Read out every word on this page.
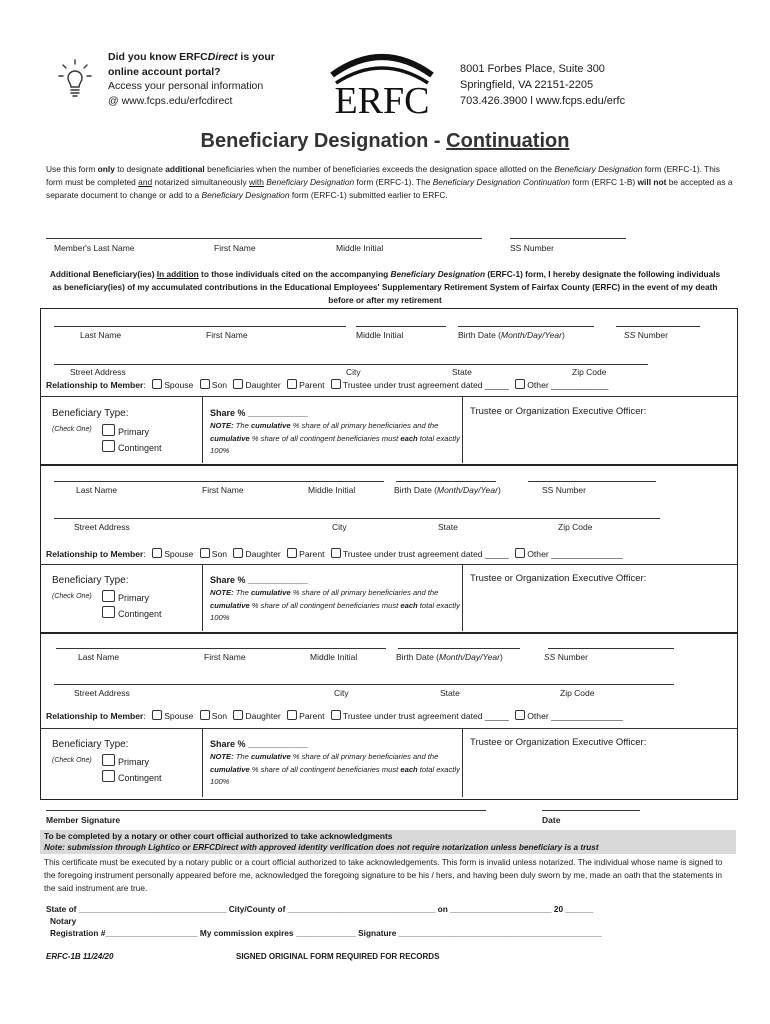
Did you know ERFCDirect is your
online account portal?
Access your personal information
@ www.fcps.edu/erfcdirect	ERFC
8001 Forbes Place, Suite 300
Springfield, VA 22151-2205
703.426.3900 l www.fcps.edu/erfc
Beneficiary Designation - Continuation
Use this form only to designate additional beneficiaries when the number of beneficiaries exceeds the designation space allotted on the Beneficiary Designation form (ERFC-1). This form must be completed and notarized simultaneously with Beneficiary Designation form (ERFC-1). The Beneficiary Designation Continuation form (ERFC 1-B) will not be accepted as a separate document to change or add to a Beneficiary Designation form (ERFC-1) submitted earlier to ERFC.
Member's Last Name	First Name	Middle Initial	SS Number
Additional Beneficiary(ies) In addition to those individuals cited on the accompanying Beneficiary Designation (ERFC-1) form, I hereby designate the following individuals as beneficiary(ies) of my accumulated contributions in the Educational Employees' Supplementary Retirement System of Fairfax County (ERFC) in the event of my death before or after my retirement
Last Name	First Name	Middle Initial	Birth Date (Month/Day/Year)	SS Number
Street Address	City	State	Zip Code
Relationship to Member: Spouse Son Daughter Parent Trustee under trust agreement dated _____ Other ____________
Beneficiary Type:
(Check One)	Primary
Contingent
Share % ____________
NOTE: The cumulative % share of all primary beneficiaries and the cumulative % share of all contingent beneficiaries must each total exactly 100%
Trustee or Organization Executive Officer:
Last Name	First Name	Middle Initial	Birth Date (Month/Day/Year)	SS Number
Street Address	City	State	Zip Code
Relationship to Member: Spouse Son Daughter Parent Trustee under trust agreement dated _____ Other _______________
Beneficiary Type:
(Check One)	Primary
Contingent
Share % ____________
NOTE: The cumulative % share of all primary beneficiaries and the cumulative % share of all contingent beneficiaries must each total exactly 100%
Trustee or Organization Executive Officer:
Last Name	First Name	Middle Initial	Birth Date (Month/Day/Year)	SS Number
Street Address	City	State	Zip Code
Relationship to Member: Spouse Son Daughter Parent Trustee under trust agreement dated _____ Other _______________
Beneficiary Type:
(Check One)	Primary
Contingent
Share % ____________
NOTE: The cumulative % share of all primary beneficiaries and the cumulative % share of all contingent beneficiaries must each total exactly 100%
Trustee or Organization Executive Officer:
Member Signature	Date
To be completed by a notary or other court official authorized to take acknowledgments
Note: submission through Lightico or ERFCDirect with approved identity verification does not require notarization unless beneficiary is a trust
This certificate must be executed by a notary public or a court official authorized to take acknowledgements. This form is invalid unless notarized. The individual whose name is signed to the foregoing instrument personally appeared before me, acknowledged the foregoing signature to be his / hers, and having been duly sworn by me, made an oath that the statements in the said instrument are true.
State of ________________________________ City/County of ________________________________ on ______________________ 20 ______
Notary
Registration #____________________ My commission expires _____________ Signature ____________________________________________
ERFC-1B 11/24/20	SIGNED ORIGINAL FORM REQUIRED FOR RECORDS
